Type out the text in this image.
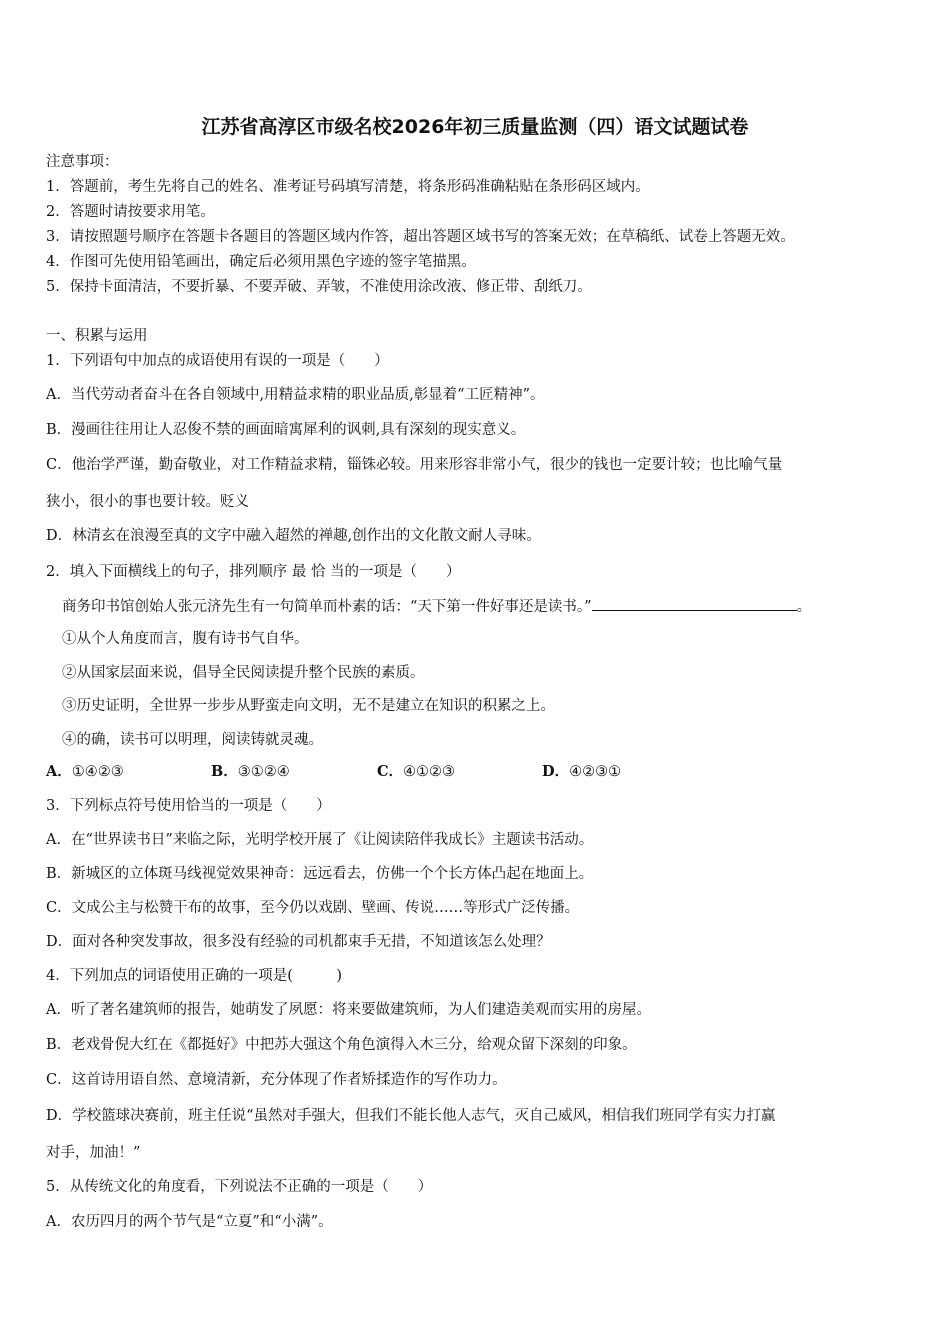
江苏省高淳区市级名校2026年初三质量监测（四）语文试题试卷
注意事项：
1．答题前，考生先将自己的姓名、准考证号码填写清楚，将条形码准确粘贴在条形码区域内。
2．答题时请按要求用笔。
3．请按照题号顺序在答题卡各题目的答题区域内作答，超出答题区域书写的答案无效；在草稿纸、试卷上答题无效。
4．作图可先使用铅笔画出，确定后必须用黑色字迹的签字笔描黑。
5．保持卡面清洁，不要折暴、不要弄破、弄皱，不准使用涂改液、修正带、刮纸刀。
一、积累与运用
1．下列语句中加点的成语使用有误的一项是（　　）
A．当代劳动者奋斗在各自领域中,用精益求精的职业品质,彰显着“工匠精神”。
B．漫画往往用让人忍俊不禁的画面暗寓犀利的讽刺,具有深刻的现实意义。
C．他治学严谨，勤奋敬业，对工作精益求精，锱铢必较。用来形容非常小气，很少的钱也一定要计较；也比喻气量
狭小，很小的事也要计较。贬义
D．林清玄在浪漫至真的文字中融入超然的禅趣,创作出的文化散文耐人寻味。
2．填入下面横线上的句子，排列顺序 最 恰 当的一项是（　　）
商务印书馆创始人张元济先生有一句简单而朴素的话：“天下第一件好事还是读书。”	。
①从个人角度而言，腹有诗书气自华。
②从国家层面来说，倡导全民阅读提升整个民族的素质。
③历史证明，全世界一步步从野蛮走向文明，无不是建立在知识的积累之上。
④的确，读书可以明理，阅读铸就灵魂。
A．①④②③	B．③①②④	C．④①②③	D．④②③①
3．下列标点符号使用恰当的一项是（　　）
A．在“世界读书日”来临之际，光明学校开展了《让阅读陪伴我成长》主题读书活动。
B．新城区的立体斑马线视觉效果神奇：远远看去，仿佛一个个长方体凸起在地面上。
C．文成公主与松赞干布的故事，至今仍以戏剧、壁画、传说……等形式广泛传播。
D．面对各种突发事故，很多没有经验的司机都束手无措，不知道该怎么处理？
4．下列加点的词语使用正确的一项是(　　　)
A．听了著名建筑师的报告，她萌发了夙愿：将来要做建筑师，为人们建造美观而实用的房屋。
B．老戏骨倪大红在《都挺好》中把苏大强这个角色演得入木三分，给观众留下深刻的印象。
C．这首诗用语自然、意境清新，充分体现了作者矫揉造作的写作功力。
D．学校篮球决赛前，班主任说“虽然对手强大，但我们不能长他人志气，灭自己威风，相信我们班同学有实力打赢
对手，加油！”
5．从传统文化的角度看，下列说法不正确的一项是（　　）
A．农历四月的两个节气是“立夏”和“小满”。
